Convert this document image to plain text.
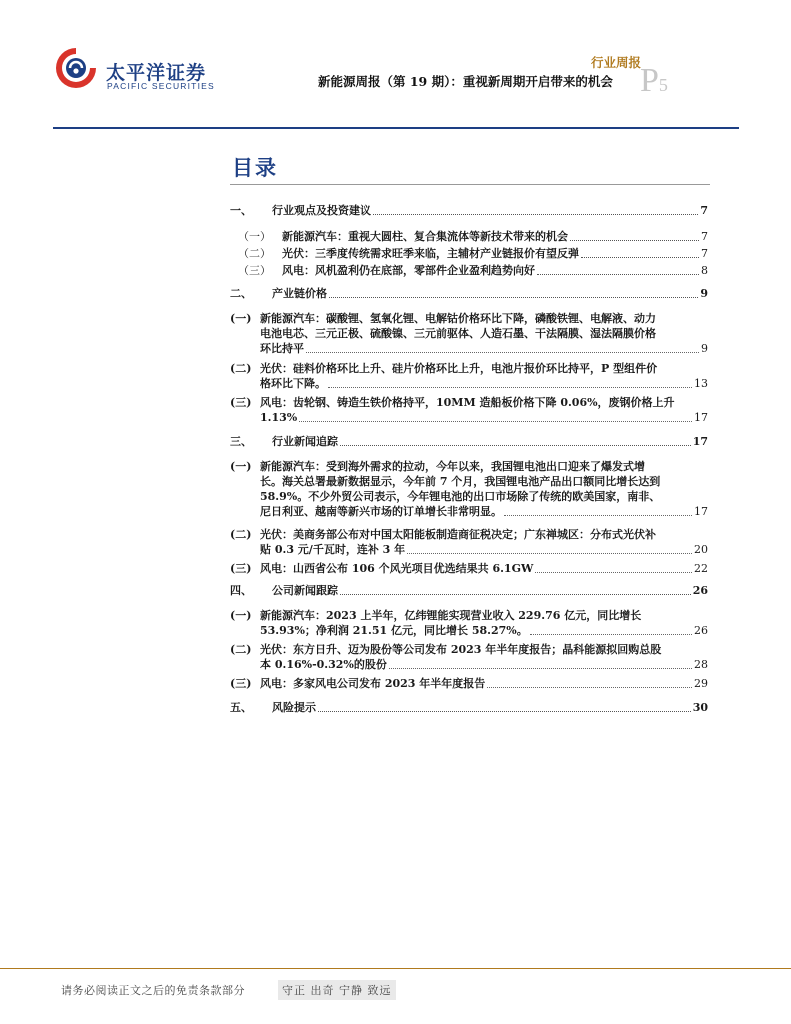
太平洋证券
PACIFIC SECURITIES
行业周报
新能源周报（第 19 期）：重视新周期开启带来的机会 P5
目录
一、	行业观点及投资建议	7
（一）	新能源汽车：重视大圆柱、复合集流体等新技术带来的机会	7
（二）	光伏：三季度传统需求旺季来临，主辅材产业链报价有望反弹	7
（三）	风电：风机盈利仍在底部，零部件企业盈利趋势向好	8
二、	产业链价格	9
(一) 新能源汽车：碳酸锂、氢氧化锂、电解钴价格环比下降，磷酸铁锂、电解液、动力
电池电芯、三元正极、硫酸镍、三元前驱体、人造石墨、干法隔膜、湿法隔膜价格
环比持平	9
(二) 光伏：硅料价格环比上升、硅片价格环比上升，电池片报价环比持平，P 型组件价
格环比下降。	13
(三) 风电：齿轮钢、铸造生铁价格持平，10MM 造船板价格下降 0.06%，废钢价格上升
1.13%	17
三、	行业新闻追踪	17
(一) 新能源汽车：受到海外需求的拉动，今年以来，我国锂电池出口迎来了爆发式增
长。海关总署最新数据显示，今年前 7 个月，我国锂电池产品出口额同比增长达到
58.9%。不少外贸公司表示，今年锂电池的出口市场除了传统的欧美国家，南非、
尼日利亚、越南等新兴市场的订单增长非常明显。	17
(二) 光伏：美商务部公布对中国太阳能板制造商征税决定；广东禅城区：分布式光伏补
贴 0.3 元/千瓦时，连补 3 年	20
(三) 风电：山西省公布 106 个风光项目优选结果共 6.1GW	22
四、	公司新闻跟踪	26
(一) 新能源汽车：2023 上半年，亿纬锂能实现营业收入 229.76 亿元，同比增长
53.93%；净利润 21.51 亿元，同比增长 58.27%。	26
(二) 光伏：东方日升、迈为股份等公司发布 2023 年半年度报告；晶科能源拟回购总股
本 0.16%-0.32%的股份	28
(三) 风电：多家风电公司发布 2023 年半年度报告	29
五、	风险提示	30
请务必阅读正文之后的免责条款部分	守正 出奇 宁静 致远
